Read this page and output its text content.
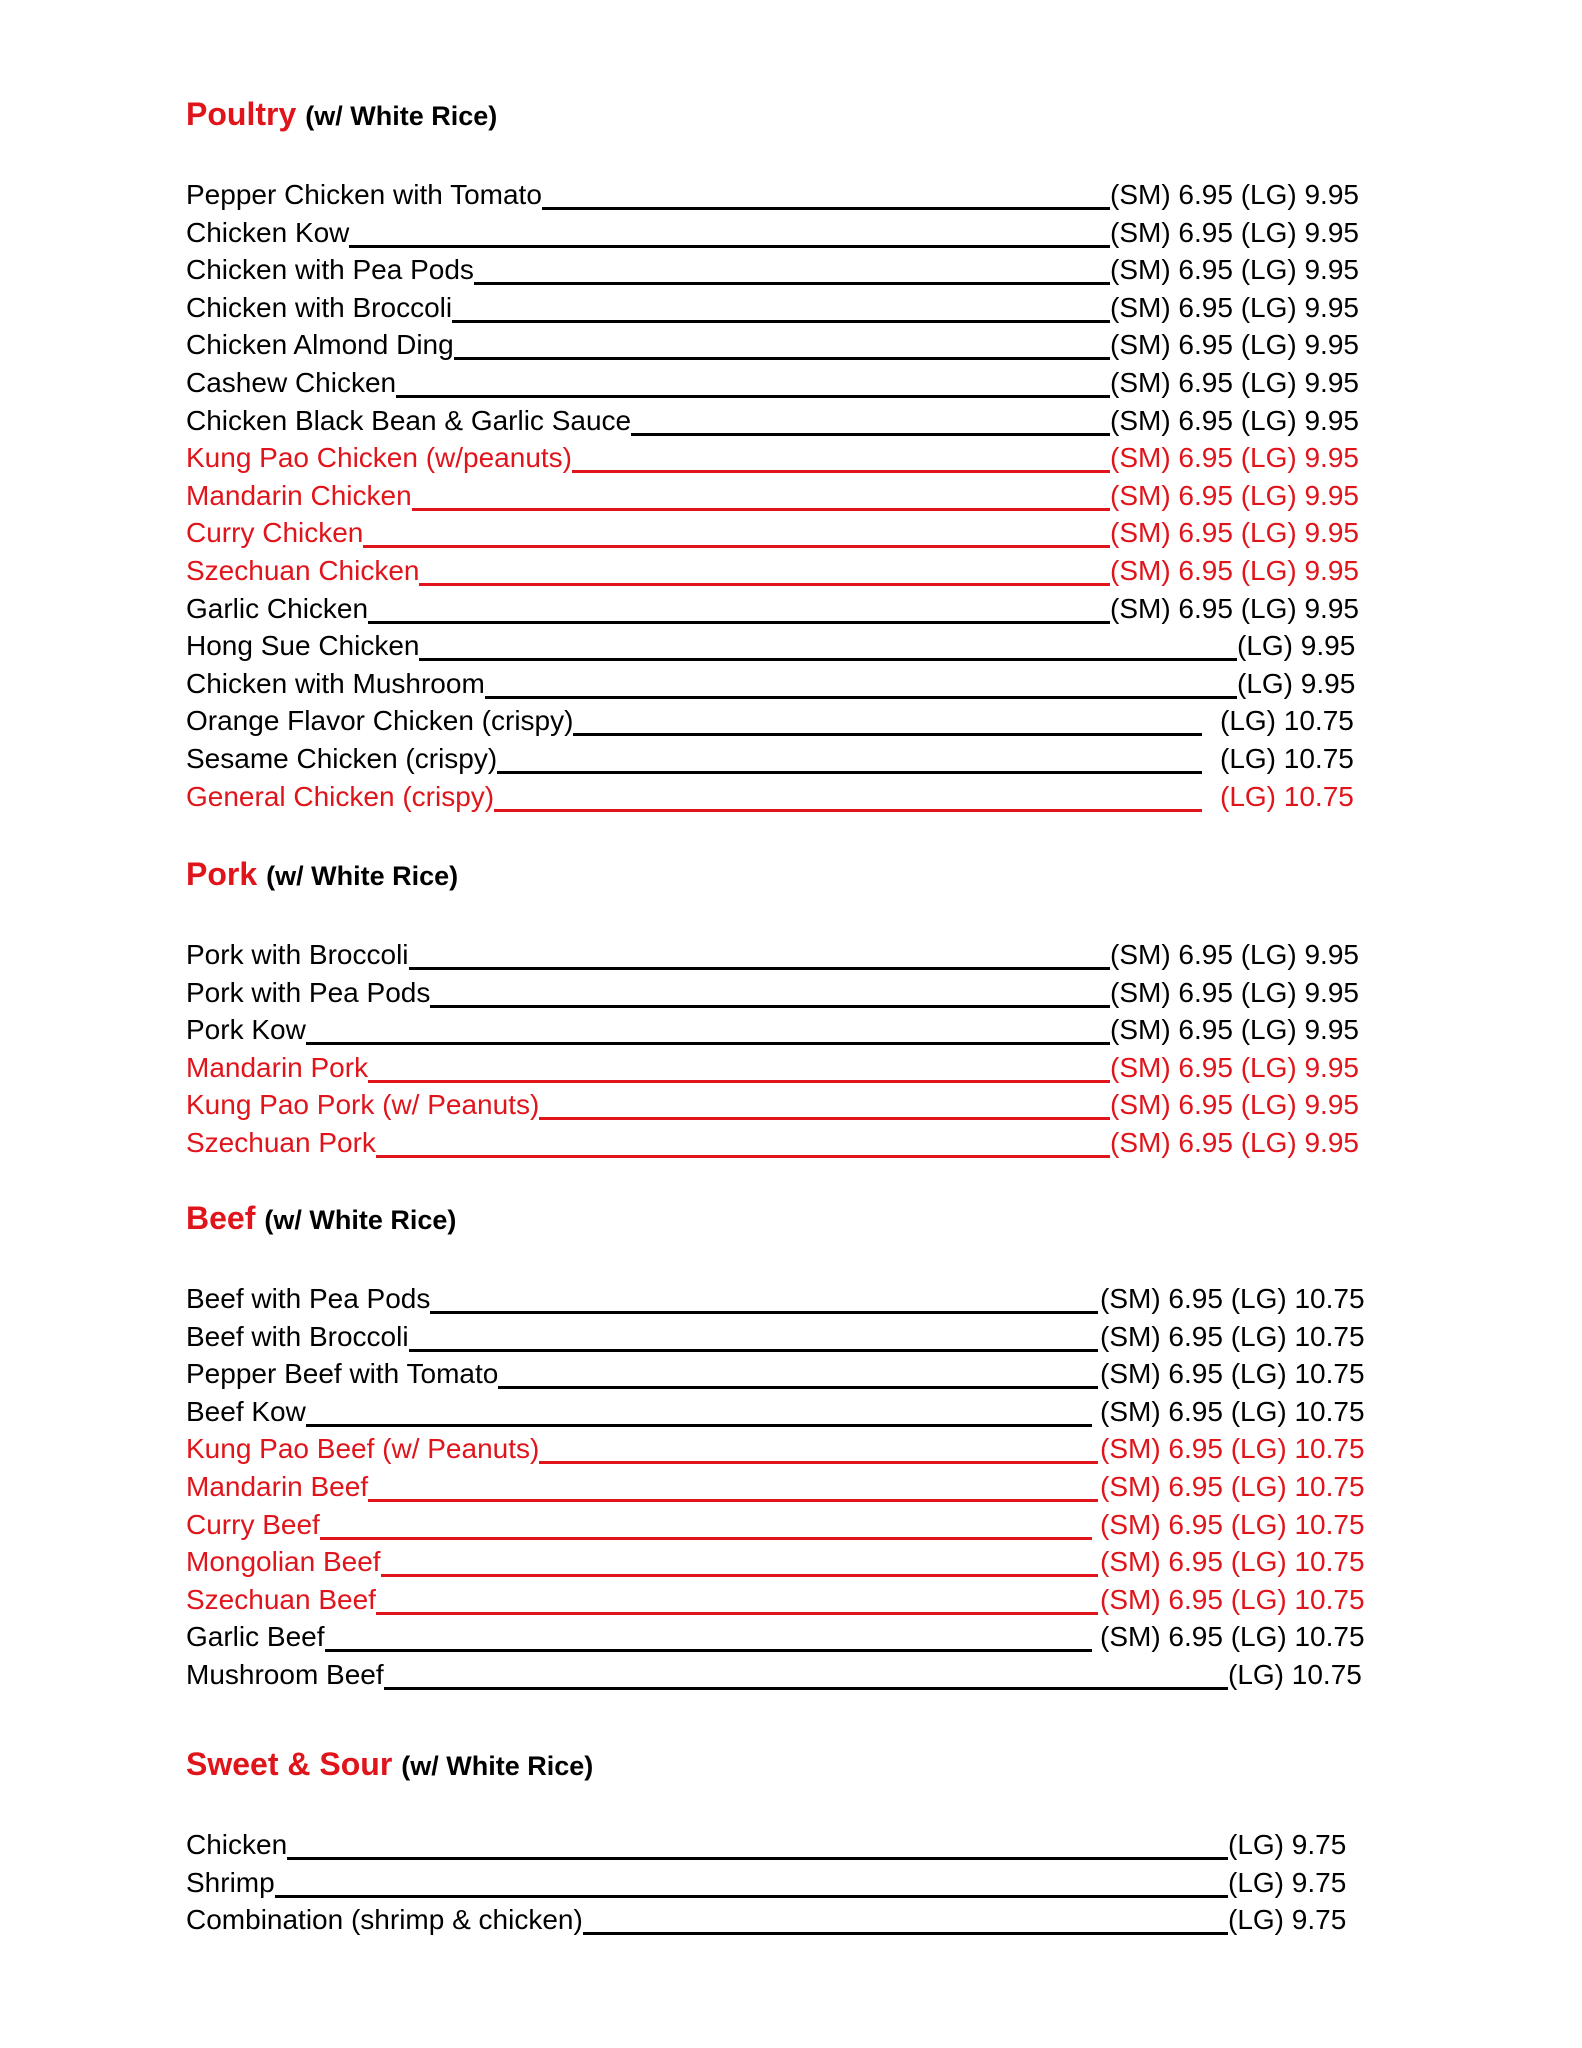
Poultry (w/ White Rice)
Pepper Chicken with Tomato	(SM) 6.95 (LG) 9.95
Chicken Kow	(SM) 6.95 (LG) 9.95
Chicken with Pea Pods	(SM) 6.95 (LG) 9.95
Chicken with Broccoli	(SM) 6.95 (LG) 9.95
Chicken Almond Ding	(SM) 6.95 (LG) 9.95
Cashew Chicken	(SM) 6.95 (LG) 9.95
Chicken Black Bean & Garlic Sauce	(SM) 6.95 (LG) 9.95
Kung Pao Chicken (w/peanuts)	(SM) 6.95 (LG) 9.95
Mandarin Chicken	(SM) 6.95 (LG) 9.95
Curry Chicken	(SM) 6.95 (LG) 9.95
Szechuan Chicken	(SM) 6.95 (LG) 9.95
Garlic Chicken	(SM) 6.95 (LG) 9.95
Hong Sue Chicken	(LG) 9.95
Chicken with Mushroom	(LG) 9.95
Orange Flavor Chicken (crispy)	(LG) 10.75
Sesame Chicken (crispy)	(LG) 10.75
General Chicken (crispy)	(LG) 10.75
Pork (w/ White Rice)
Pork with Broccoli	(SM) 6.95 (LG) 9.95
Pork with Pea Pods	(SM) 6.95 (LG) 9.95
Pork Kow	(SM) 6.95 (LG) 9.95
Mandarin Pork	(SM) 6.95 (LG) 9.95
Kung Pao Pork (w/ Peanuts)	(SM) 6.95 (LG) 9.95
Szechuan Pork	(SM) 6.95 (LG) 9.95
Beef (w/ White Rice)
Beef with Pea Pods	(SM) 6.95 (LG) 10.75
Beef with Broccoli	(SM) 6.95 (LG) 10.75
Pepper Beef with Tomato	(SM) 6.95 (LG) 10.75
Beef Kow	(SM) 6.95 (LG) 10.75
Kung Pao Beef (w/ Peanuts)	(SM) 6.95 (LG) 10.75
Mandarin Beef	(SM) 6.95 (LG) 10.75
Curry Beef	(SM) 6.95 (LG) 10.75
Mongolian Beef	(SM) 6.95 (LG) 10.75
Szechuan Beef	(SM) 6.95 (LG) 10.75
Garlic Beef	(SM) 6.95 (LG) 10.75
Mushroom Beef	(LG) 10.75
Sweet & Sour (w/ White Rice)
Chicken	(LG) 9.75
Shrimp	(LG) 9.75
Combination (shrimp & chicken)	(LG) 9.75
